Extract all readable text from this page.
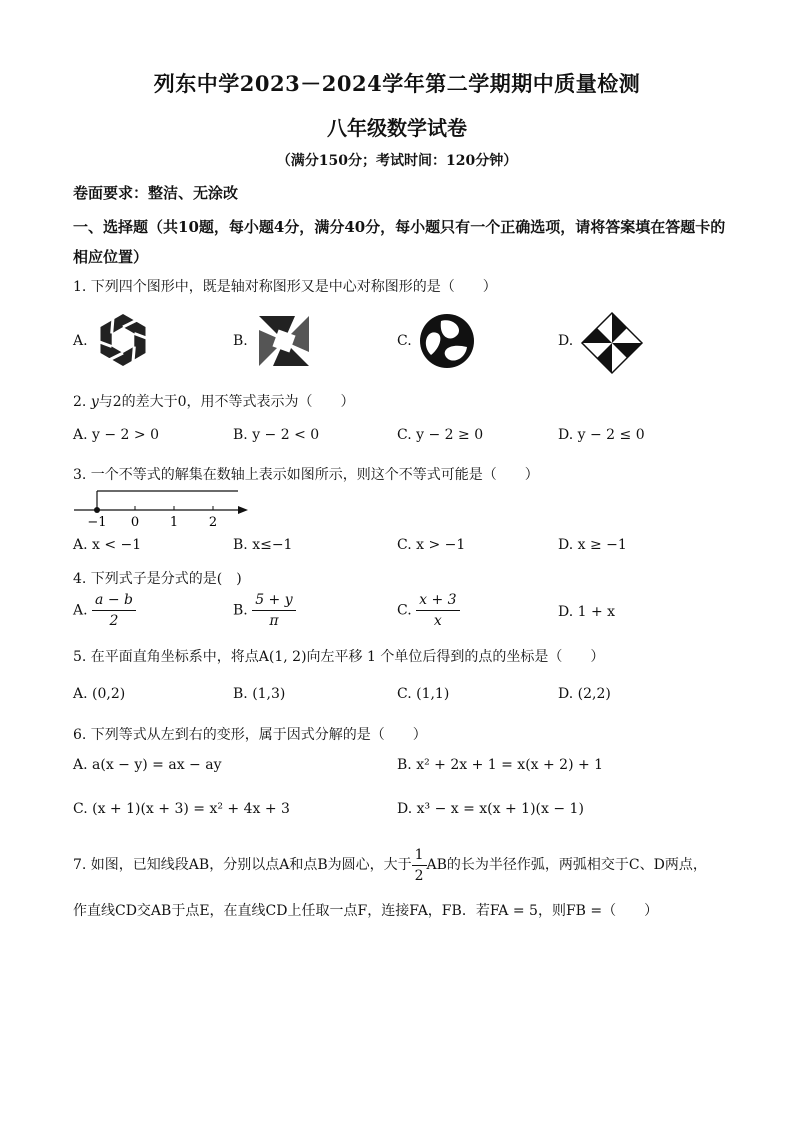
列东中学2023－2024学年第二学期期中质量检测
八年级数学试卷
（满分150分；考试时间：120分钟）
卷面要求：整洁、无涂改
一、选择题（共10题，每小题4分，满分40分，每小题只有一个正确选项，请将答案填在答题卡的相应位置）
1. 下列四个图形中，既是轴对称图形又是中心对称图形的是（　　）
A.	B.	C.	D.
2. y与2的差大于0，用不等式表示为（　　）
A. y − 2 > 0	B. y − 2 < 0	C. y − 2 ≥ 0	D. y − 2 ≤ 0
3. 一个不等式的解集在数轴上表示如图所示，则这个不等式可能是（　　）
−1 0 1 2
A. x < −1	B. x≤−1	C. x > −1	D. x ≥ −1
4. 下列式子是分式的是(　)
A. $\frac{a - b}{2}$	B. $\frac{5 + y}{\pi}$	C. $\frac{x + 3}{x}$	D. 1 + x
5. 在平面直角坐标系中，将点A(1, 2)向左平移 1 个单位后得到的点的坐标是（　　）
A. (0,2)	B. (1,3)	C. (1,1)	D. (2,2)
6. 下列等式从左到右的变形，属于因式分解的是（　　）
A. a(x − y) = ax − ay	B. x² + 2x + 1 = x(x + 2) + 1
C. (x + 1)(x + 3) = x² + 4x + 3	D. x³ − x = x(x + 1)(x − 1)
7. 如图，已知线段AB，分别以点A和点B为圆心，大于 $\frac{1}{2}$ AB的长为半径作弧，两弧相交于C、D两点，
作直线CD交AB于点E，在直线CD上任取一点F，连接FA，FB．若FA = 5，则FB =（　　）
